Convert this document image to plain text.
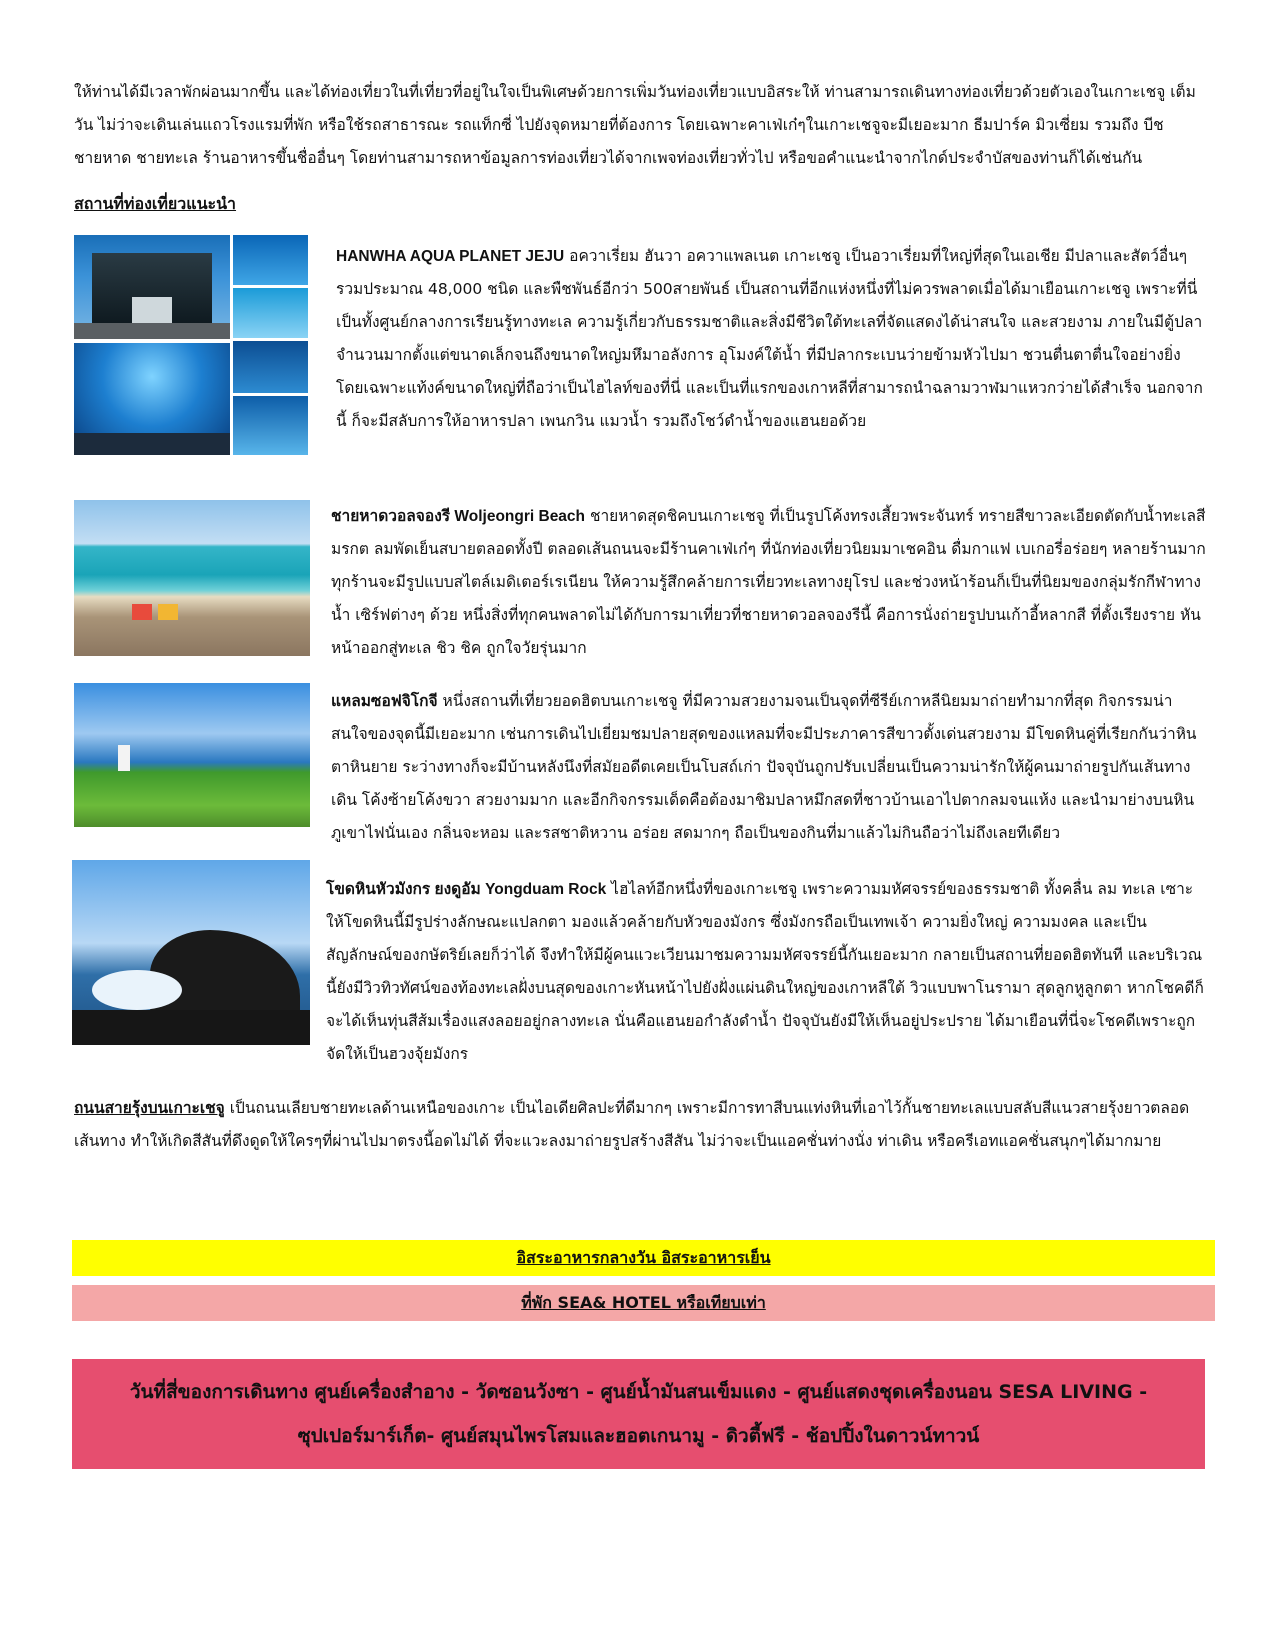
ให้ท่านได้มีเวลาพักผ่อนมากขึ้น และได้ท่องเที่ยวในที่เที่ยวที่อยู่ในใจเป็นพิเศษด้วยการเพิ่มวันท่องเที่ยวแบบอิสระให้ ท่านสามารถเดินทางท่องเที่ยวด้วยตัวเองในเกาะเชจู เต็มวัน ไม่ว่าจะเดินเล่นแถวโรงแรมที่พัก หรือใช้รถสาธารณะ รถแท็กซี่ ไปยังจุดหมายที่ต้องการ โดยเฉพาะคาเฟ่เก๋ๆในเกาะเชจูจะมีเยอะมาก ธีมปาร์ค มิวเซี่ยม รวมถึง บีช ชายหาด ชายทะเล ร้านอาหารขึ้นชื่ออื่นๆ โดยท่านสามารถหาข้อมูลการท่องเที่ยวได้จากเพจท่องเที่ยวทั่วไป หรือขอคำแนะนำจากไกด์ประจำบัสของท่านก็ได้เช่นกัน

สถานที่ท่องเที่ยวแนะนำ

HANWHA AQUA PLANET JEJU อควาเรี่ยม ฮันวา อควาแพลเนต เกาะเชจู เป็นอวาเรี่ยมที่ใหญ่ที่สุดในเอเชีย มีปลาและสัตว์อื่นๆรวมประมาณ 48,000 ชนิด และพืชพันธ์อีกว่า 500สายพันธ์ เป็นสถานที่อีกแห่งหนึ่งที่ไม่ควรพลาดเมื่อได้มาเยือนเกาะเชจู เพราะที่นี่เป็นทั้งศูนย์กลางการเรียนรู้ทางทะเล ความรู้เกี่ยวกับธรรมชาติและสิ่งมีชีวิตใต้ทะเลที่จัดแสดงได้น่าสนใจ และสวยงาม ภายในมีตู้ปลาจำนวนมากตั้งแต่ขนาดเล็กจนถึงขนาดใหญ่มหึมาอลังการ อุโมงค์ใต้น้ำ ที่มีปลากระเบนว่ายข้ามหัวไปมา ชวนตื่นตาตื่นใจอย่างยิ่ง โดยเฉพาะแท้งค์ขนาดใหญ่ที่ถือว่าเป็นไฮไลท์ของที่นี่ และเป็นที่แรกของเกาหลีที่สามารถนำฉลามวาฬมาแหวกว่ายได้สำเร็จ นอกจากนี้ ก็จะมีสลับการให้อาหารปลา เพนกวิน แมวน้ำ รวมถึงโชว์ดำน้ำของแฮนยอด้วย

ชายหาดวอลจองรี Woljeongri Beach ชายหาดสุดชิคบนเกาะเชจู ที่เป็นรูปโค้งทรงเสี้ยวพระจันทร์ ทรายสีขาวละเอียดตัดกับน้ำทะเลสีมรกต ลมพัดเย็นสบายตลอดทั้งปี ตลอดเส้นถนนจะมีร้านคาเฟ่เก๋ๆ ที่นักท่องเที่ยวนิยมมาเชคอิน ดื่มกาแฟ เบเกอรี่อร่อยๆ หลายร้านมาก ทุกร้านจะมีรูปแบบสไตล์เมดิเตอร์เรเนียน ให้ความรู้สึกคล้ายการเที่ยวทะเลทางยุโรป และช่วงหน้าร้อนก็เป็นที่นิยมของกลุ่มรักกีฬาทางน้ำ เซิร์ฟต่างๆ ด้วย หนึ่งสิ่งที่ทุกคนพลาดไม่ได้กับการมาเที่ยวที่ชายหาดวอลจองรีนี้ คือการนั่งถ่ายรูปบนเก้าอี้หลากสี ที่ตั้งเรียงราย หันหน้าออกสู่ทะเล ชิว ชิค ถูกใจวัยรุ่นมาก

แหลมซอฟจิโกจี หนึ่งสถานที่เที่ยวยอดฮิตบนเกาะเชจู ที่มีความสวยงามจนเป็นจุดที่ซีรีย์เกาหลีนิยมมาถ่ายทำมากที่สุด กิจกรรมน่าสนใจของจุดนี้มีเยอะมาก เช่นการเดินไปเยี่ยมชมปลายสุดของแหลมที่จะมีประภาคารสีขาวตั้งเด่นสวยงาม มีโขดหินคู่ที่เรียกกันว่าหินตาหินยาย ระว่างทางก็จะมีบ้านหลังนึงที่สมัยอดีตเคยเป็นโบสถ์เก่า ปัจจุบันถูกปรับเปลี่ยนเป็นความน่ารักให้ผู้คนมาถ่ายรูปกันเส้นทางเดิน โค้งซ้ายโค้งขวา สวยงามมาก และอีกกิจกรรมเด็ดคือต้องมาชิมปลาหมึกสดที่ชาวบ้านเอาไปตากลมจนแห้ง และนำมาย่างบนหินภูเขาไฟนั่นเอง กลิ่นจะหอม และรสชาติหวาน อร่อย สดมากๆ ถือเป็นของกินที่มาแล้วไม่กินถือว่าไม่ถึงเลยทีเดียว

โขดหินหัวมังกร ยงดูอัม Yongduam Rock ไฮไลท์อีกหนึ่งที่ของเกาะเชจู เพราะความมหัศจรรย์ของธรรมชาติ ทั้งคลื่น ลม ทะเล เซาะให้โขดหินนี้มีรูปร่างลักษณะแปลกตา มองแล้วคล้ายกับหัวของมังกร ซึ่งมังกรถือเป็นเทพเจ้า ความยิ่งใหญ่ ความมงคล และเป็นสัญลักษณ์ของกษัตริย์เลยก็ว่าได้ จึงทำให้มีผู้คนแวะเวียนมาชมความมหัศจรรย์นี้กันเยอะมาก กลายเป็นสถานที่ยอดฮิตทันที และบริเวณนี้ยังมีวิวทิวทัศน์ของท้องทะเลฝั่งบนสุดของเกาะหันหน้าไปยังฝั่งแผ่นดินใหญ่ของเกาหลีใต้ วิวแบบพาโนรามา สุดลูกหูลูกตา หากโชคดีก็จะได้เห็นทุ่นสีส้มเรื่องแสงลอยอยู่กลางทะเล นั่นคือแฮนยอกำลังดำน้ำ ปัจจุบันยังมีให้เห็นอยู่ประปราย ได้มาเยือนที่นี่จะโชคดีเพราะถูกจัดให้เป็นฮวงจุ้ยมังกร

ถนนสายรุ้งบนเกาะเชจู เป็นถนนเลียบชายทะเลด้านเหนือของเกาะ เป็นไอเดียศิลปะที่ดีมากๆ เพราะมีการทาสีบนแท่งหินที่เอาไว้กั้นชายทะเลแบบสลับสีแนวสายรุ้งยาวตลอดเส้นทาง ทำให้เกิดสีสันที่ดึงดูดให้ใครๆที่ผ่านไปมาตรงนี้อดไม่ได้ ที่จะแวะลงมาถ่ายรูปสร้างสีสัน ไม่ว่าจะเป็นแอคชั่นท่างนั่ง ท่าเดิน หรือครีเอทแอคชั่นสนุกๆได้มากมาย

อิสระอาหารกลางวัน อิสระอาหารเย็น
ที่พัก SEA& HOTEL หรือเทียบเท่า
วันที่สี่ของการเดินทาง ศูนย์เครื่องสำอาง - วัดซอนวังซา - ศูนย์น้ำมันสนเข็มแดง - ศูนย์แสดงชุดเครื่องนอน SESA LIVING -
ซุปเปอร์มาร์เก็ต- ศูนย์สมุนไพรโสมและฮอตเกนามู - ดิวตี้ฟรี - ช้อปปิ้งในดาวน์ทาวน์
